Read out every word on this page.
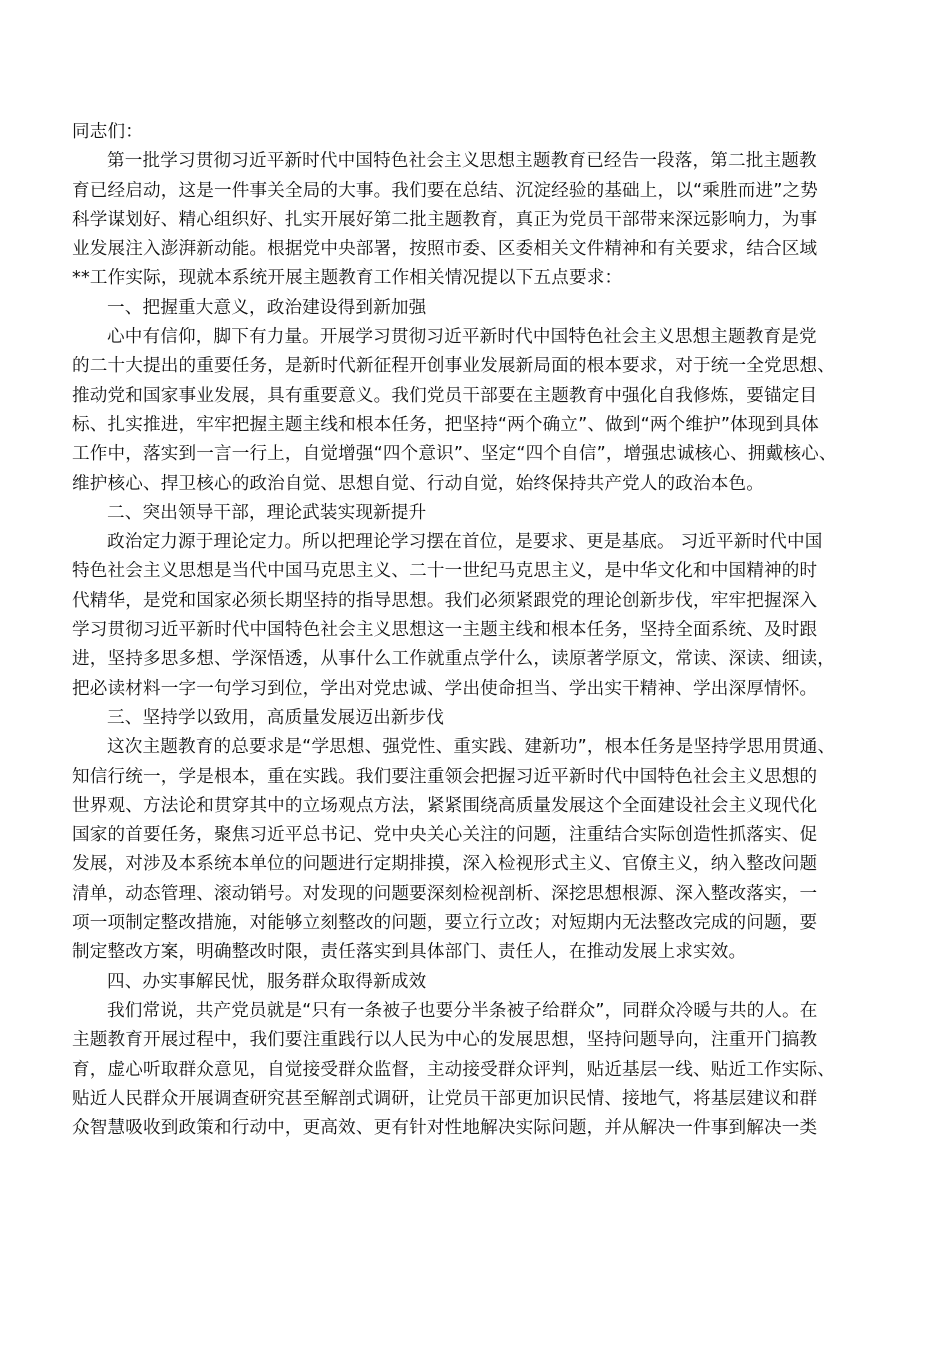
同志们：
第一批学习贯彻习近平新时代中国特色社会主义思想主题教育已经告一段落，第二批主题教
育已经启动，这是一件事关全局的大事。我们要在总结、沉淀经验的基础上，以“乘胜而进”之势
科学谋划好、精心组织好、扎实开展好第二批主题教育，真正为党员干部带来深远影响力，为事
业发展注入澎湃新动能。根据党中央部署，按照市委、区委相关文件精神和有关要求，结合区域
**工作实际，现就本系统开展主题教育工作相关情况提以下五点要求：
一、把握重大意义，政治建设得到新加强
心中有信仰，脚下有力量。开展学习贯彻习近平新时代中国特色社会主义思想主题教育是党
的二十大提出的重要任务，是新时代新征程开创事业发展新局面的根本要求，对于统一全党思想、
推动党和国家事业发展，具有重要意义。我们党员干部要在主题教育中强化自我修炼，要锚定目
标、扎实推进，牢牢把握主题主线和根本任务，把坚持“两个确立”、做到“两个维护”体现到具体
工作中，落实到一言一行上，自觉增强“四个意识”、坚定“四个自信”，增强忠诚核心、拥戴核心、
维护核心、捍卫核心的政治自觉、思想自觉、行动自觉，始终保持共产党人的政治本色。
二、突出领导干部，理论武装实现新提升
政治定力源于理论定力。所以把理论学习摆在首位，是要求、更是基底。 习近平新时代中国
特色社会主义思想是当代中国马克思主义、二十一世纪马克思主义，是中华文化和中国精神的时
代精华，是党和国家必须长期坚持的指导思想。我们必须紧跟党的理论创新步伐，牢牢把握深入
学习贯彻习近平新时代中国特色社会主义思想这一主题主线和根本任务，坚持全面系统、及时跟
进，坚持多思多想、学深悟透，从事什么工作就重点学什么，读原著学原文，常读、深读、细读，
把必读材料一字一句学习到位，学出对党忠诚、学出使命担当、学出实干精神、学出深厚情怀。
三、坚持学以致用，高质量发展迈出新步伐
这次主题教育的总要求是“学思想、强党性、重实践、建新功”，根本任务是坚持学思用贯通、
知信行统一，学是根本，重在实践。我们要注重领会把握习近平新时代中国特色社会主义思想的
世界观、方法论和贯穿其中的立场观点方法，紧紧围绕高质量发展这个全面建设社会主义现代化
国家的首要任务，聚焦习近平总书记、党中央关心关注的问题，注重结合实际创造性抓落实、促
发展，对涉及本系统本单位的问题进行定期排摸，深入检视形式主义、官僚主义，纳入整改问题
清单，动态管理、滚动销号。对发现的问题要深刻检视剖析、深挖思想根源、深入整改落实，一
项一项制定整改措施，对能够立刻整改的问题，要立行立改；对短期内无法整改完成的问题，要
制定整改方案，明确整改时限，责任落实到具体部门、责任人，在推动发展上求实效。
四、办实事解民忧，服务群众取得新成效
我们常说，共产党员就是“只有一条被子也要分半条被子给群众”，同群众冷暖与共的人。在
主题教育开展过程中，我们要注重践行以人民为中心的发展思想，坚持问题导向，注重开门搞教
育，虚心听取群众意见，自觉接受群众监督，主动接受群众评判，贴近基层一线、贴近工作实际、
贴近人民群众开展调查研究甚至解剖式调研，让党员干部更加识民情、接地气，将基层建议和群
众智慧吸收到政策和行动中，更高效、更有针对性地解决实际问题，并从解决一件事到解决一类
